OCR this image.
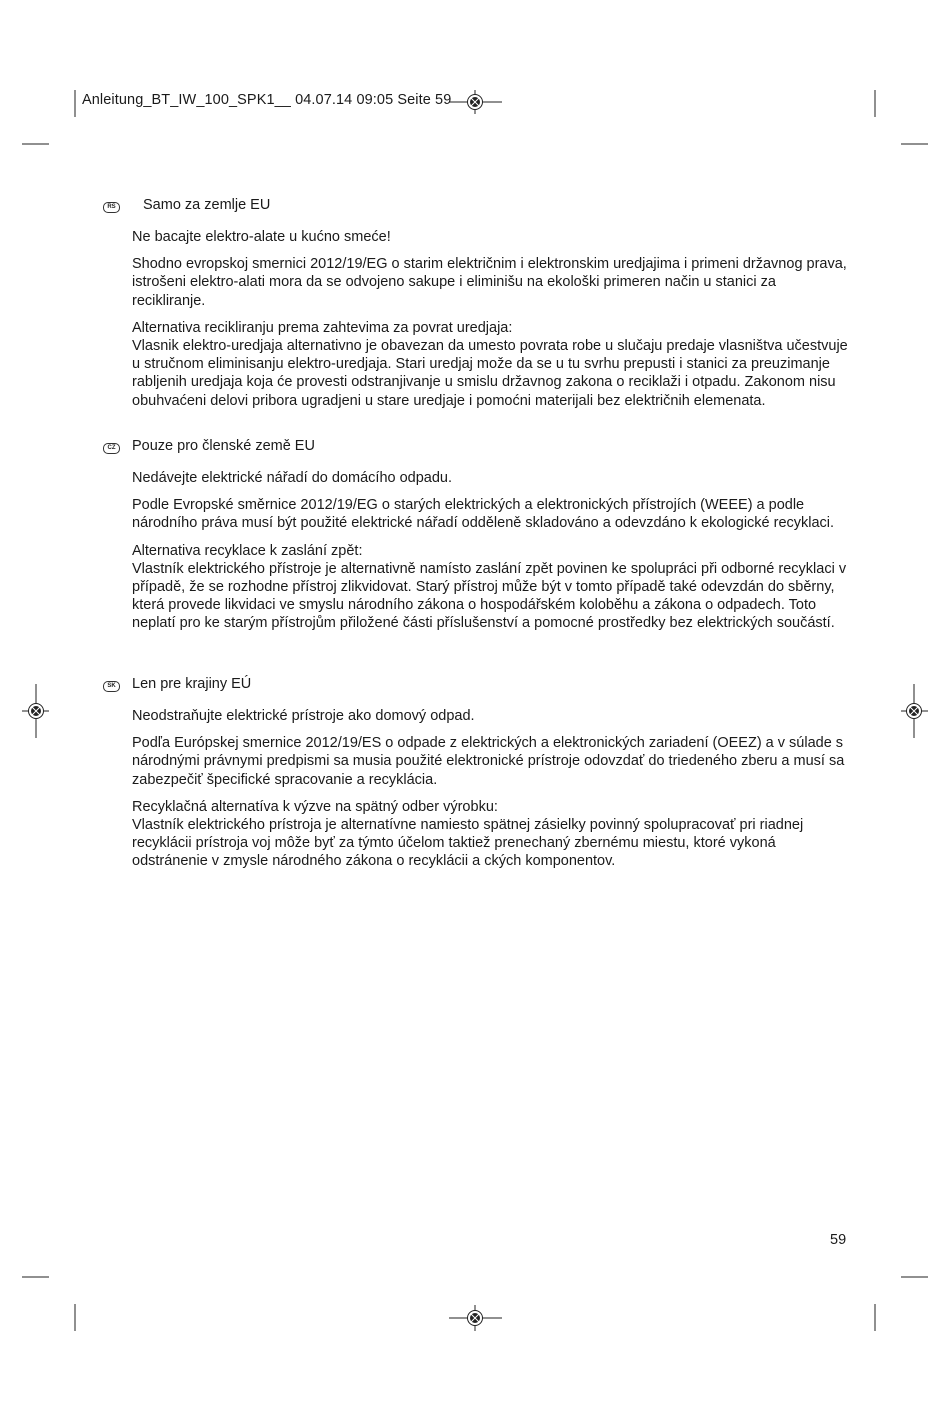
Anleitung_BT_IW_100_SPK1__ 04.07.14 09:05 Seite 59
RS Samo za zemlje EU

Ne bacajte elektro-alate u kućno smeće!

Shodno evropskoj smernici 2012/19/EG o starim električnim i elektronskim uredjajima i primeni državnog prava, istrošeni elektro-alati mora da se odvojeno sakupe i eliminišu na ekološki primeren način u stanici za recikliranje.

Alternativa recikliranju prema zahtevima za povrat uredjaja:
Vlasnik elektro-uredjaja alternativno je obavezan da umesto povrata robe u slučaju predaje vlasništva učestvuje u stručnom eliminisanju elektro-uredjaja. Stari uredjaj može da se u tu svrhu prepusti i stanici za preuzimanje rabljenih uredjaja koja će provesti odstranjivanje u smislu državnog zakona o reciklaži i otpadu. Zakonom nisu obuhvaćeni delovi pribora ugradjeni u stare uredjaje i pomoćni materijali bez električnih elemenata.

CZ	Pouze pro členské země EU

Nedávejte elektrické nářadí do domácího odpadu.

Podle Evropské směrnice 2012/19/EG o starých elektrických a elektronických přístrojích (WEEE) a podle národního práva musí být použité elektrické nářadí odděleně skladováno a odevzdáno k ekologické recyklaci.

Alternativa recyklace k zaslání zpět:
Vlastník elektrického přístroje je alternativně namísto zaslání zpět povinen ke spolupráci při odborné recyklaci v případě, že se rozhodne přístroj zlikvidovat. Starý přístroj může být v tomto případě také odevzdán do sběrny, která provede likvidaci ve smyslu národního zákona o hospodářském koloběhu a zákona o odpadech. Toto neplatí pro ke starým přístrojům přiložené části příslušenství a pomocné prostředky bez elektrických součástí.

SK Len pre krajiny EÚ

Neodstraňujte elektrické prístroje ako domový odpad.

Podľa Európskej smernice 2012/19/ES o odpade z elektrických a elektronických zariadení (OEEZ) a v súlade s národnými právnymi predpismi sa musia použité elektronické prístroje odovzdať do triedeného zberu a musí sa zabezpečiť špecifické spracovanie a recyklácia.

Recyklačná alternatíva k výzve na spätný odber výrobku:
Vlastník elektrického prístroja je alternatívne namiesto spätnej zásielky povinný spolupracovať pri riadnej recyklácii prístroja voj môže byť za týmto účelom taktiež prenechaný zbernému miestu, ktoré vykoná odstránenie v zmysle národného zákona o recyklácii a ckých komponentov.

59
